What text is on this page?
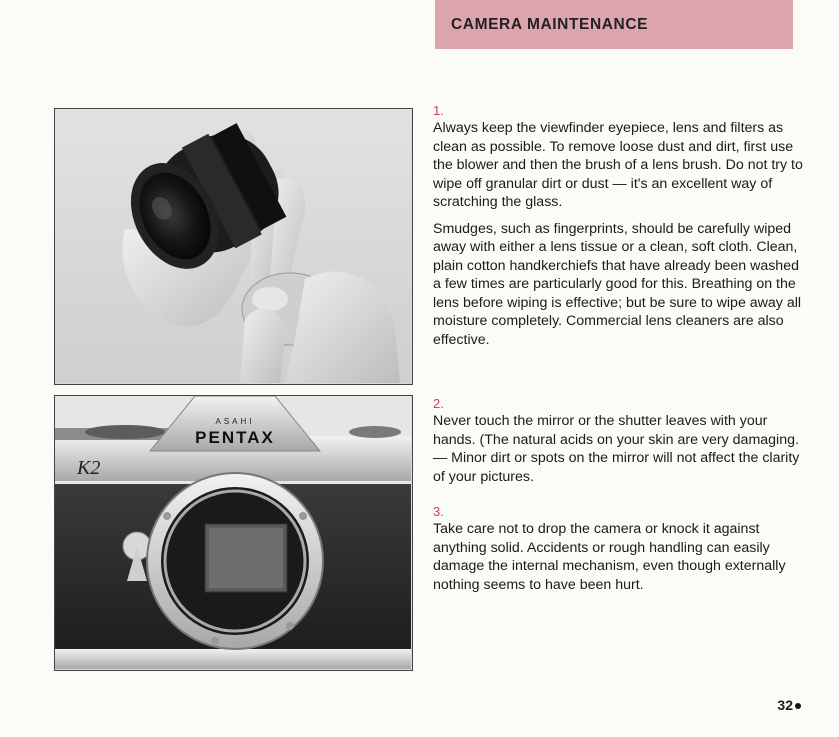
CAMERA MAINTENANCE
ASAHI
PENTAX
K2
1.

Always keep the viewfinder eyepiece, lens and filters as clean as possible. To remove loose dust and dirt, first use the blower and then the brush of a lens brush. Do not try to wipe off granular dirt or dust — it's an excellent way of scratching the glass.

Smudges, such as fingerprints, should be carefully wiped away with either a lens tissue or a clean, soft cloth. Clean, plain cotton handkerchiefs that have already been washed a few times are particularly good for this. Breathing on the lens before wiping is effective; but be sure to wipe away all moisture completely. Commercial lens cleaners are also effective.

2.

Never touch the mirror or the shutter leaves with your hands. (The natural acids on your skin are very damaging.— Minor dirt or spots on the mirror will not affect the clarity of your pictures.

3.

Take care not to drop the camera or knock it against anything solid. Accidents or rough handling can easily damage the internal mechanism, even though externally nothing seems to have been hurt.

32
